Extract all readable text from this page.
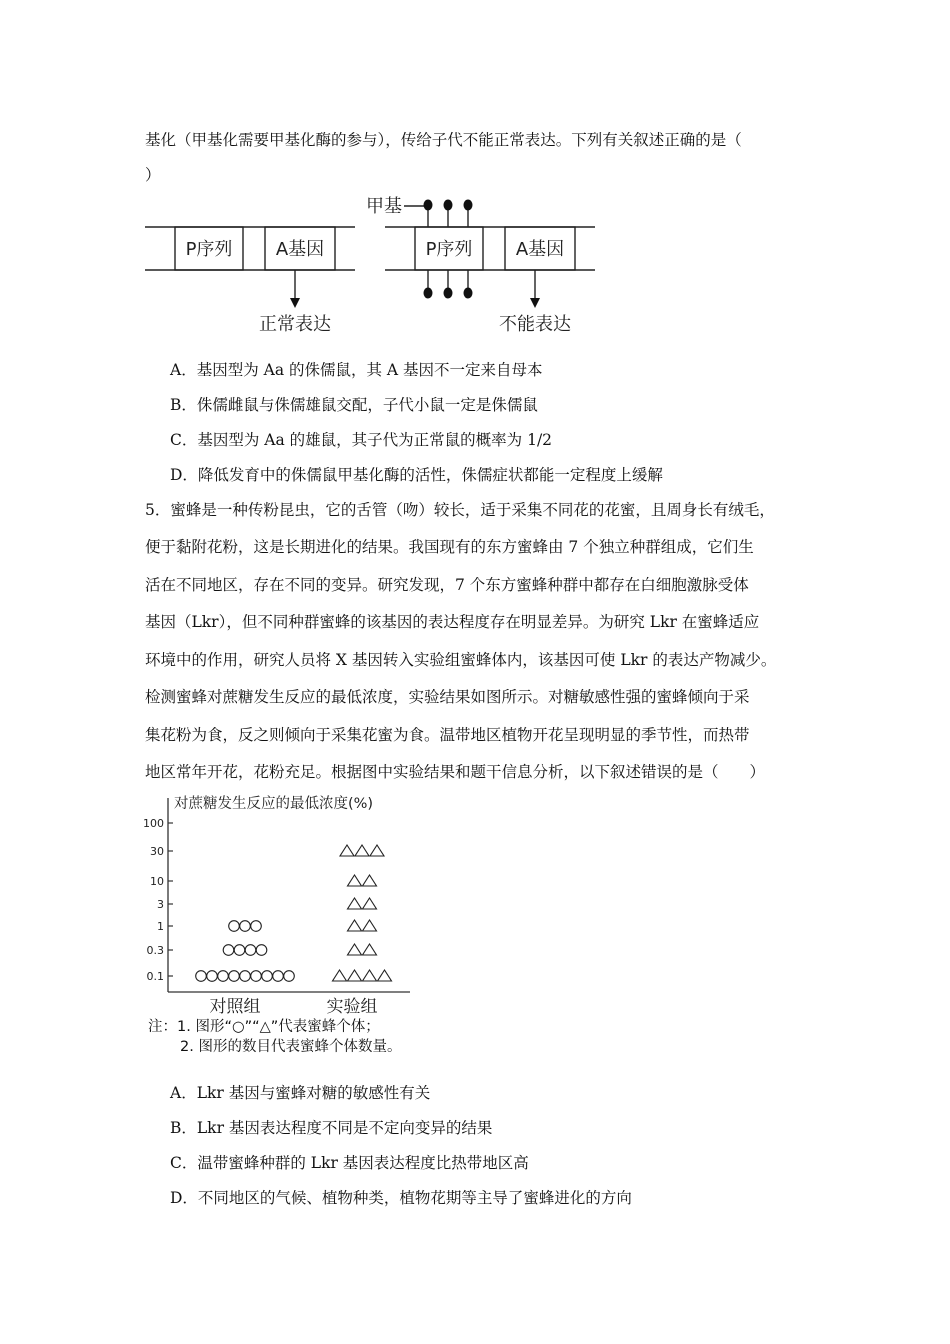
基化（甲基化需要甲基化酶的参与），传给子代不能正常表达。下列有关叙述正确的是（
）
甲基
P序列 A基因
正常表达
P序列 A基因
不能表达
A．基因型为 Aa 的侏儒鼠，其 A 基因不一定来自母本
B．侏儒雌鼠与侏儒雄鼠交配，子代小鼠一定是侏儒鼠
C．基因型为 Aa 的雄鼠，其子代为正常鼠的概率为 1/2
D．降低发育中的侏儒鼠甲基化酶的活性，侏儒症状都能一定程度上缓解
5．蜜蜂是一种传粉昆虫，它的舌管（吻）较长，适于采集不同花的花蜜，且周身长有绒毛，
便于黏附花粉，这是长期进化的结果。我国现有的东方蜜蜂由 7 个独立种群组成，它们生
活在不同地区，存在不同的变异。研究发现，7 个东方蜜蜂种群中都存在白细胞激脉受体
基因（Lkr），但不同种群蜜蜂的该基因的表达程度存在明显差异。为研究 Lkr 在蜜蜂适应
环境中的作用，研究人员将 X 基因转入实验组蜜蜂体内，该基因可使 Lkr 的表达产物减少。
检测蜜蜂对蔗糖发生反应的最低浓度，实验结果如图所示。对糖敏感性强的蜜蜂倾向于采
集花粉为食，反之则倾向于采集花蜜为食。温带地区植物开花呈现明显的季节性，而热带
地区常年开花，花粉充足。根据图中实验结果和题干信息分析，以下叙述错误的是（　　）
对蔗糖发生反应的最低浓度(%)
100
30
10
3
1
0.3
0.1
对照组	实验组
注：1. 图形“○”“△”代表蜜蜂个体；
2. 图形的数目代表蜜蜂个体数量。
A．Lkr 基因与蜜蜂对糖的敏感性有关
B．Lkr 基因表达程度不同是不定向变异的结果
C．温带蜜蜂种群的 Lkr 基因表达程度比热带地区高
D．不同地区的气候、植物种类，植物花期等主导了蜜蜂进化的方向
